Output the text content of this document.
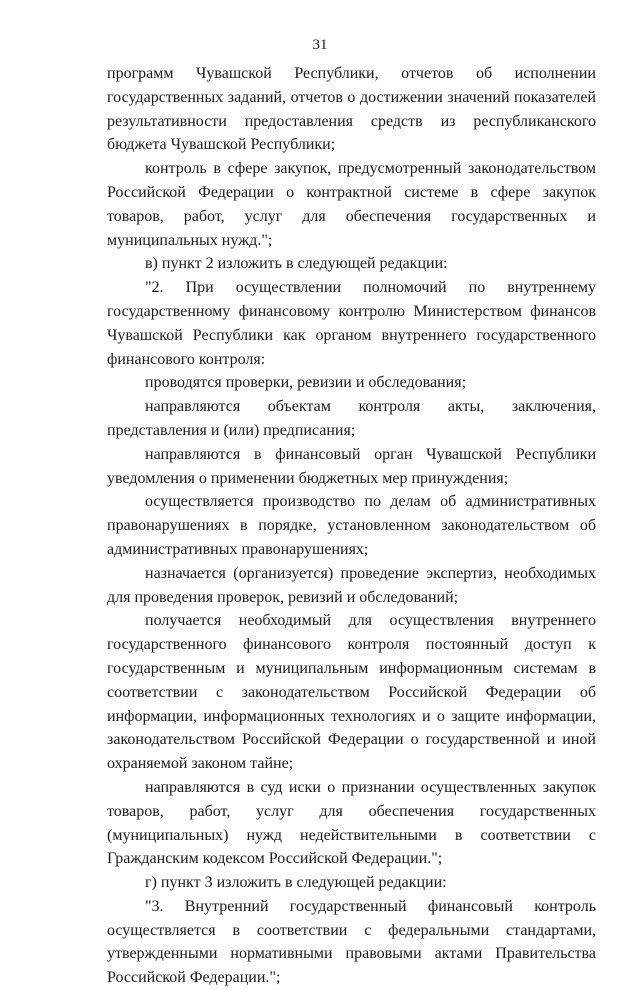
31

программ Чувашской Республики, отчетов об исполнении государственных заданий, отчетов о достижении значений показателей результативности предоставления средств из республиканского бюджета Чувашской Республики;

контроль в сфере закупок, предусмотренный законодательством Российской Федерации о контрактной системе в сфере закупок товаров, работ, услуг для обеспечения государственных и муниципальных нужд.";

в) пункт 2 изложить в следующей редакции:

"2. При осуществлении полномочий по внутреннему государственному финансовому контролю Министерством финансов Чувашской Республики как органом внутреннего государственного финансового контроля:

проводятся проверки, ревизии и обследования;

направляются объектам контроля акты, заключения, представления и (или) предписания;

направляются в финансовый орган Чувашской Республики уведомления о применении бюджетных мер принуждения;

осуществляется производство по делам об административных правонарушениях в порядке, установленном законодательством об административных правонарушениях;

назначается (организуется) проведение экспертиз, необходимых для проведения проверок, ревизий и обследований;

получается необходимый для осуществления внутреннего государственного финансового контроля постоянный доступ к государственным и муниципальным информационным системам в соответствии с законодательством Российской Федерации об информации, информационных технологиях и о защите информации, законодательством Российской Федерации о государственной и иной охраняемой законом тайне;

направляются в суд иски о признании осуществленных закупок товаров, работ, услуг для обеспечения государственных (муниципальных) нужд недействительными в соответствии с Гражданским кодексом Российской Федерации.";

г) пункт 3 изложить в следующей редакции:

"3. Внутренний государственный финансовый контроль осуществляется в соответствии с федеральными стандартами, утвержденными нормативными правовыми актами Правительства Российской Федерации.";
